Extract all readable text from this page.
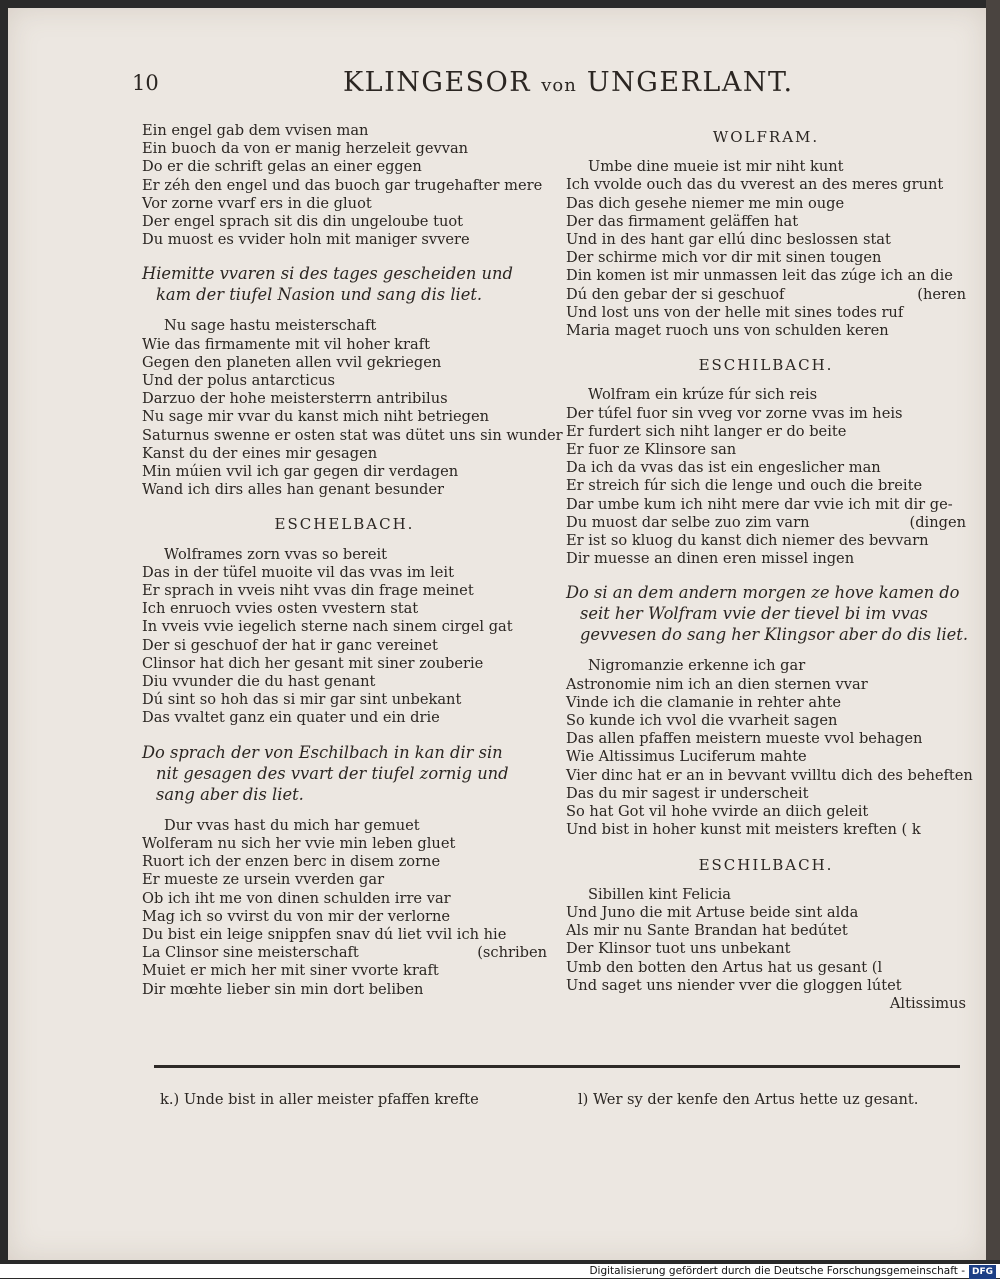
10	KLINGESOR von UNGERLANT.
Ein engel gab dem vvisen man
Ein buoch da von er manig herzeleit gevvan
Do er die schrift gelas an einer eggen
Er zéh den engel und das buoch gar trugehafter mere
Vor zorne vvarf ers in die gluot
Der engel sprach sit dis din ungeloube tuot
Du muost es vvider holn mit maniger svvere
Hiemitte vvaren si des tages gescheiden und
kam der tiufel Nasion und sang dis liet.
Nu sage hastu meisterschaft
Wie das firmamente mit vil hoher kraft
Gegen den planeten allen vvil gekriegen
Und der polus antarcticus
Darzuo der hohe meistersterrn antribilus
Nu sage mir vvar du kanst mich niht betriegen
Saturnus swenne er osten stat was dütet uns sin wunder
Kanst du der eines mir gesagen
Min múien vvil ich gar gegen dir verdagen
Wand ich dirs alles han genant besunder
ESCHELBACH.
Wolframes zorn vvas so bereit
Das in der tüfel muoite vil das vvas im leit
Er sprach in vveis niht vvas din frage meinet
Ich enruoch vvies osten vvestern stat
In vveis vvie iegelich sterne nach sinem cirgel gat
Der si geschuof der hat ir ganc vereinet
Clinsor hat dich her gesant mit siner zouberie
Diu vvunder die du hast genant
Dú sint so hoh das si mir gar sint unbekant
Das vvaltet ganz ein quater und ein drie
Do sprach der von Eschilbach in kan dir sin
nit gesagen des vvart der tiufel zornig und
sang aber dis liet.
Dur vvas hast du mich har gemuet
Wolferam nu sich her vvie min leben gluet
Ruort ich der enzen berc in disem zorne
Er mueste ze ursein vverden gar
Ob ich iht me von dinen schulden irre var
Mag ich so vvirst du von mir der verlorne
Du bist ein leige snippfen snav dú liet vvil ich hie
La Clinsor sine meisterschaft	(schriben
Muiet er mich her mit siner vvorte kraft
Dir mœhte lieber sin min dort beliben
WOLFRAM.
Umbe dine mueie ist mir niht kunt
Ich vvolde ouch das du vverest an des meres grunt
Das dich gesehe niemer me min ouge
Der das firmament geläffen hat
Und in des hant gar ellú dinc beslossen stat
Der schirme mich vor dir mit sinen tougen
Din komen ist mir unmassen leit das zúge ich an die
Dú den gebar der si geschuof	(heren
Und lost uns von der helle mit sines todes ruf
Maria maget ruoch uns von schulden keren
ESCHILBACH.
Wolfram ein krúze fúr sich reis
Der túfel fuor sin vveg vor zorne vvas im heis
Er furdert sich niht langer er do beite
Er fuor ze Klinsore san
Da ich da vvas das ist ein engeslicher man
Er streich fúr sich die lenge und ouch die breite
Dar umbe kum ich niht mere dar vvie ich mit dir ge-
Du muost dar selbe zuo zim varn	(dingen
Er ist so kluog du kanst dich niemer des bevvarn
Dir muesse an dinen eren missel ingen
Do si an dem andern morgen ze hove kamen do
seit her Wolfram vvie der tievel bi im vvas
gevvesen do sang her Klingsor aber do dis liet.
Nigromanzie erkenne ich gar
Astronomie nim ich an dien sternen vvar
Vinde ich die clamanie in rehter ahte
So kunde ich vvol die vvarheit sagen
Das allen pfaffen meistern mueste vvol behagen
Wie Altissimus Luciferum mahte
Vier dinc hat er an in bevvant vvilltu dich des beheften
Das du mir sagest ir underscheit
So hat Got vil hohe vvirde an diich geleit
Und bist in hoher kunst mit meisters kreften ( k
ESCHILBACH.
Sibillen kint Felicia
Und Juno die mit Artuse beide sint alda
Als mir nu Sante Brandan hat bedútet
Der Klinsor tuot uns unbekant
Umb den botten den Artus hat us gesant (l
Und saget uns niender vver die gloggen lútet
Altissimus
k.) Unde bist in aller meister pfaffen krefte	l) Wer sy der kenfe den Artus hette uz gesant.
Digitalisierung gefördert durch die Deutsche Forschungsgemeinschaft - DFG
